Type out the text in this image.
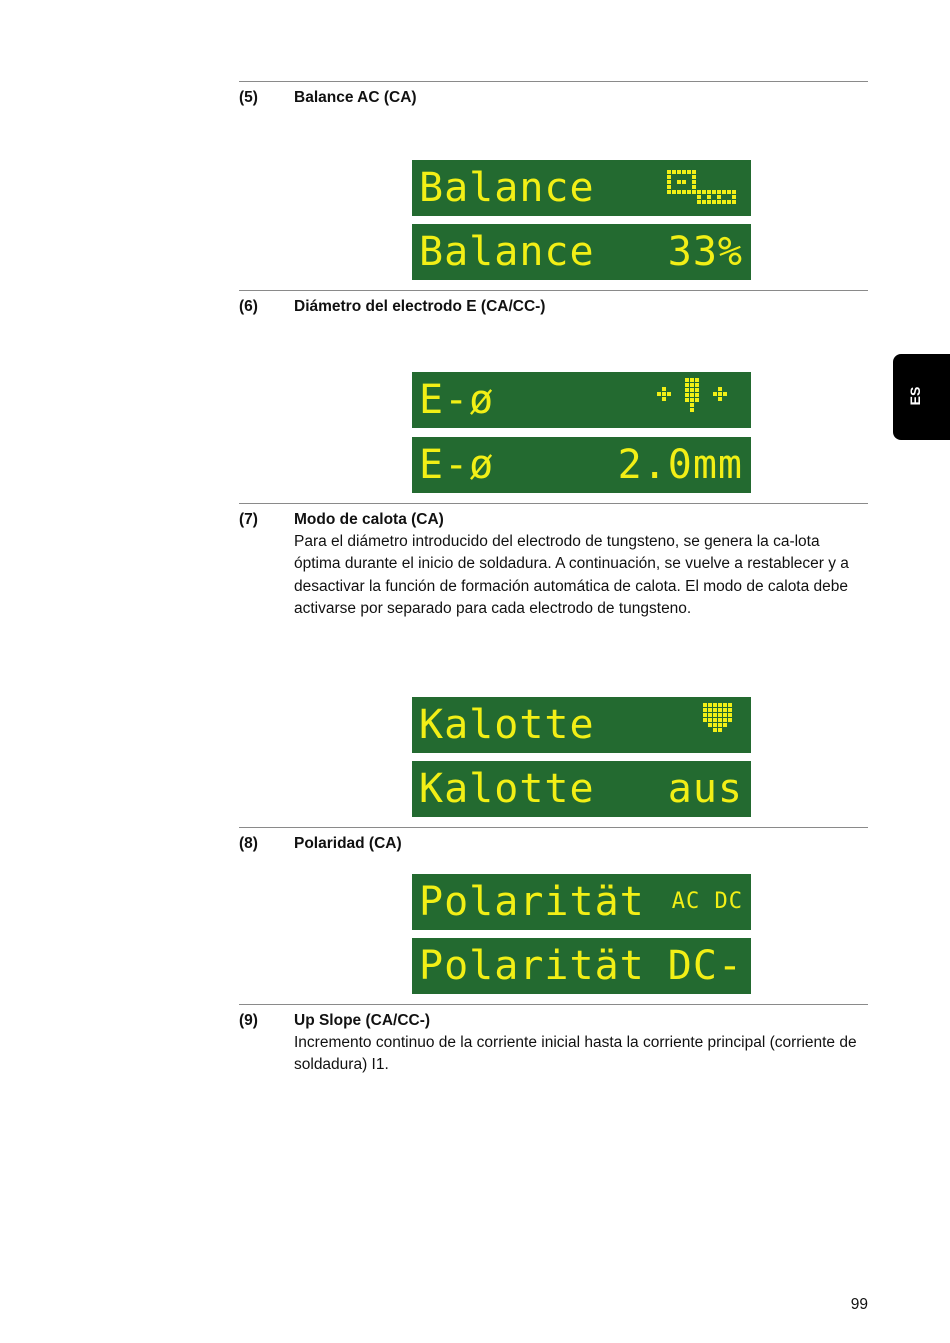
(5) Balance AC (CA)
Balance
Balance 33%
(6) Diámetro del electrodo E (CA/CC-)
E-ø
E-ø	2.0mm
(7) Modo de calota (CA)
Para el diámetro introducido del electrodo de tungsteno, se genera la ca-lota óptima durante el inicio de soldadura. A continuación, se vuelve a restablecer y a desactivar la función de formación automática de calota. El modo de calota debe activarse por separado para cada electrodo de tungsteno.
Kalotte
Kalotte aus
(8) Polaridad (CA)
Polarität AC DC
Polarität DC-
(9) Up Slope (CA/CC-)
Incremento continuo de la corriente inicial hasta la corriente principal (corriente de soldadura) I1.
ES
99
